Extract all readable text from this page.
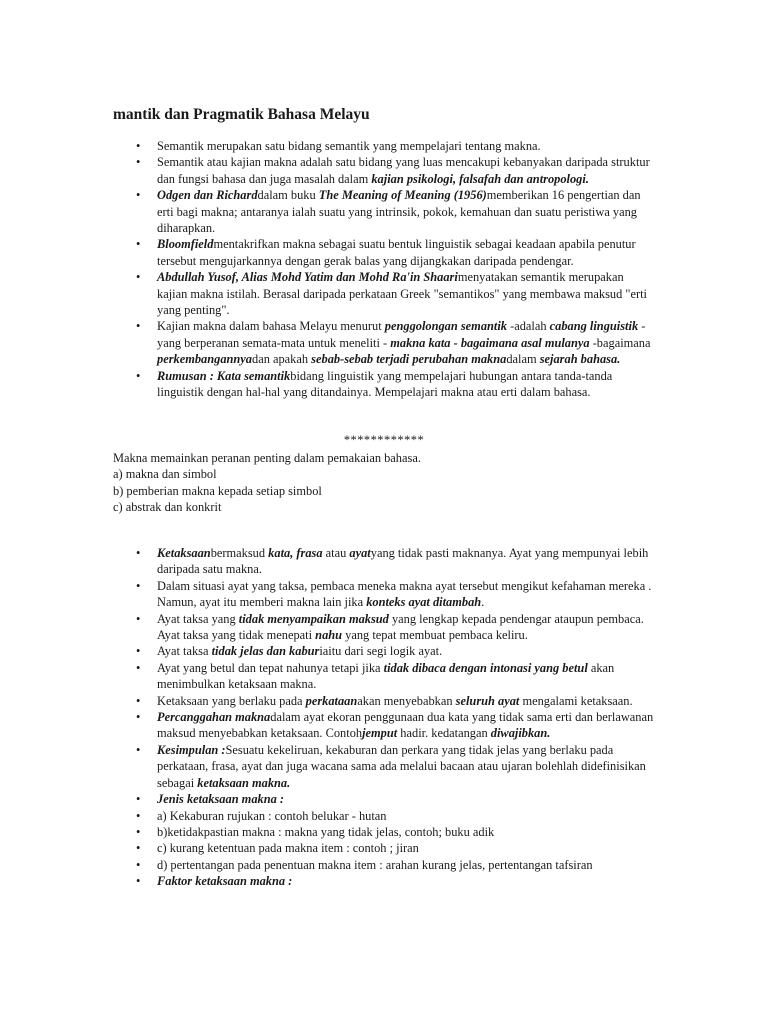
mantik dan Pragmatik Bahasa Melayu
• Semantik merupakan satu bidang semantik yang mempelajari tentang makna.
• Semantik atau kajian makna adalah satu bidang yang luas mencakupi kebanyakan daripada struktur dan fungsi bahasa dan juga masalah dalam kajian psikologi, falsafah dan antropologi.
• Odgen dan Richarddalam buku The Meaning of Meaning (1956)memberikan 16 pengertian dan erti bagi makna; antaranya ialah suatu yang intrinsik, pokok, kemahuan dan suatu peristiwa yang diharapkan.
• Bloomfieldmentakrifkan makna sebagai suatu bentuk linguistik sebagai keadaan apabila penutur tersebut mengujarkannya dengan gerak balas yang dijangkakan daripada pendengar.
• Abdullah Yusof, Alias Mohd Yatim dan Mohd Ra'in Shaarimenyatakan semantik merupakan kajian makna istilah. Berasal daripada perkataan Greek "semantikos" yang membawa maksud "erti yang penting".
• Kajian makna dalam bahasa Melayu menurut penggolongan semantik -adalah cabang linguistik -yang berperanan semata-mata untuk meneliti - makna kata - bagaimana asal mulanya -bagaimana perkembangannyadan apakah sebab-sebab terjadi perubahan maknadalam sejarah bahasa.
• Rumusan : Kata semantikbidang linguistik yang mempelajari hubungan antara tanda-tanda linguistik dengan hal-hal yang ditandainya. Mempelajari makna atau erti dalam bahasa.
************

Makna memainkan peranan penting dalam pemakaian bahasa.

a) makna dan simbol

b) pemberian makna kepada setiap simbol

c) abstrak dan konkrit

• Ketaksaanbermaksud kata, frasa atau ayatyang tidak pasti maknanya. Ayat yang mempunyai lebih daripada satu makna.
• Dalam situasi ayat yang taksa, pembaca meneka makna ayat tersebut mengikut kefahaman mereka . Namun, ayat itu memberi makna lain jika konteks ayat ditambah.
• Ayat taksa yang tidak menyampaikan maksud yang lengkap kepada pendengar ataupun pembaca. Ayat taksa yang tidak menepati nahu yang tepat membuat pembaca keliru.
• Ayat taksa tidak jelas dan kaburiaitu dari segi logik ayat.
• Ayat yang betul dan tepat nahunya tetapi jika tidak dibaca dengan intonasi yang betul akan menimbulkan ketaksaan makna.
• Ketaksaan yang berlaku pada perkataanakan menyebabkan seluruh ayat mengalami ketaksaan.
• Percanggahan maknadalam ayat ekoran penggunaan dua kata yang tidak sama erti dan berlawanan maksud menyebabkan ketaksaan. Contohjemput hadir. kedatangan diwajibkan.
• Kesimpulan :Sesuatu kekeliruan, kekaburan dan perkara yang tidak jelas yang berlaku pada perkataan, frasa, ayat dan juga wacana sama ada melalui bacaan atau ujaran bolehlah didefinisikan sebagai ketaksaan makna.
• Jenis ketaksaan makna :
• a) Kekaburan rujukan : contoh belukar - hutan
• b)ketidakpastian makna : makna yang tidak jelas, contoh; buku adik
• c) kurang ketentuan pada makna item : contoh ; jiran
• d) pertentangan pada penentuan makna item : arahan kurang jelas, pertentangan tafsiran
• Faktor ketaksaan makna :
